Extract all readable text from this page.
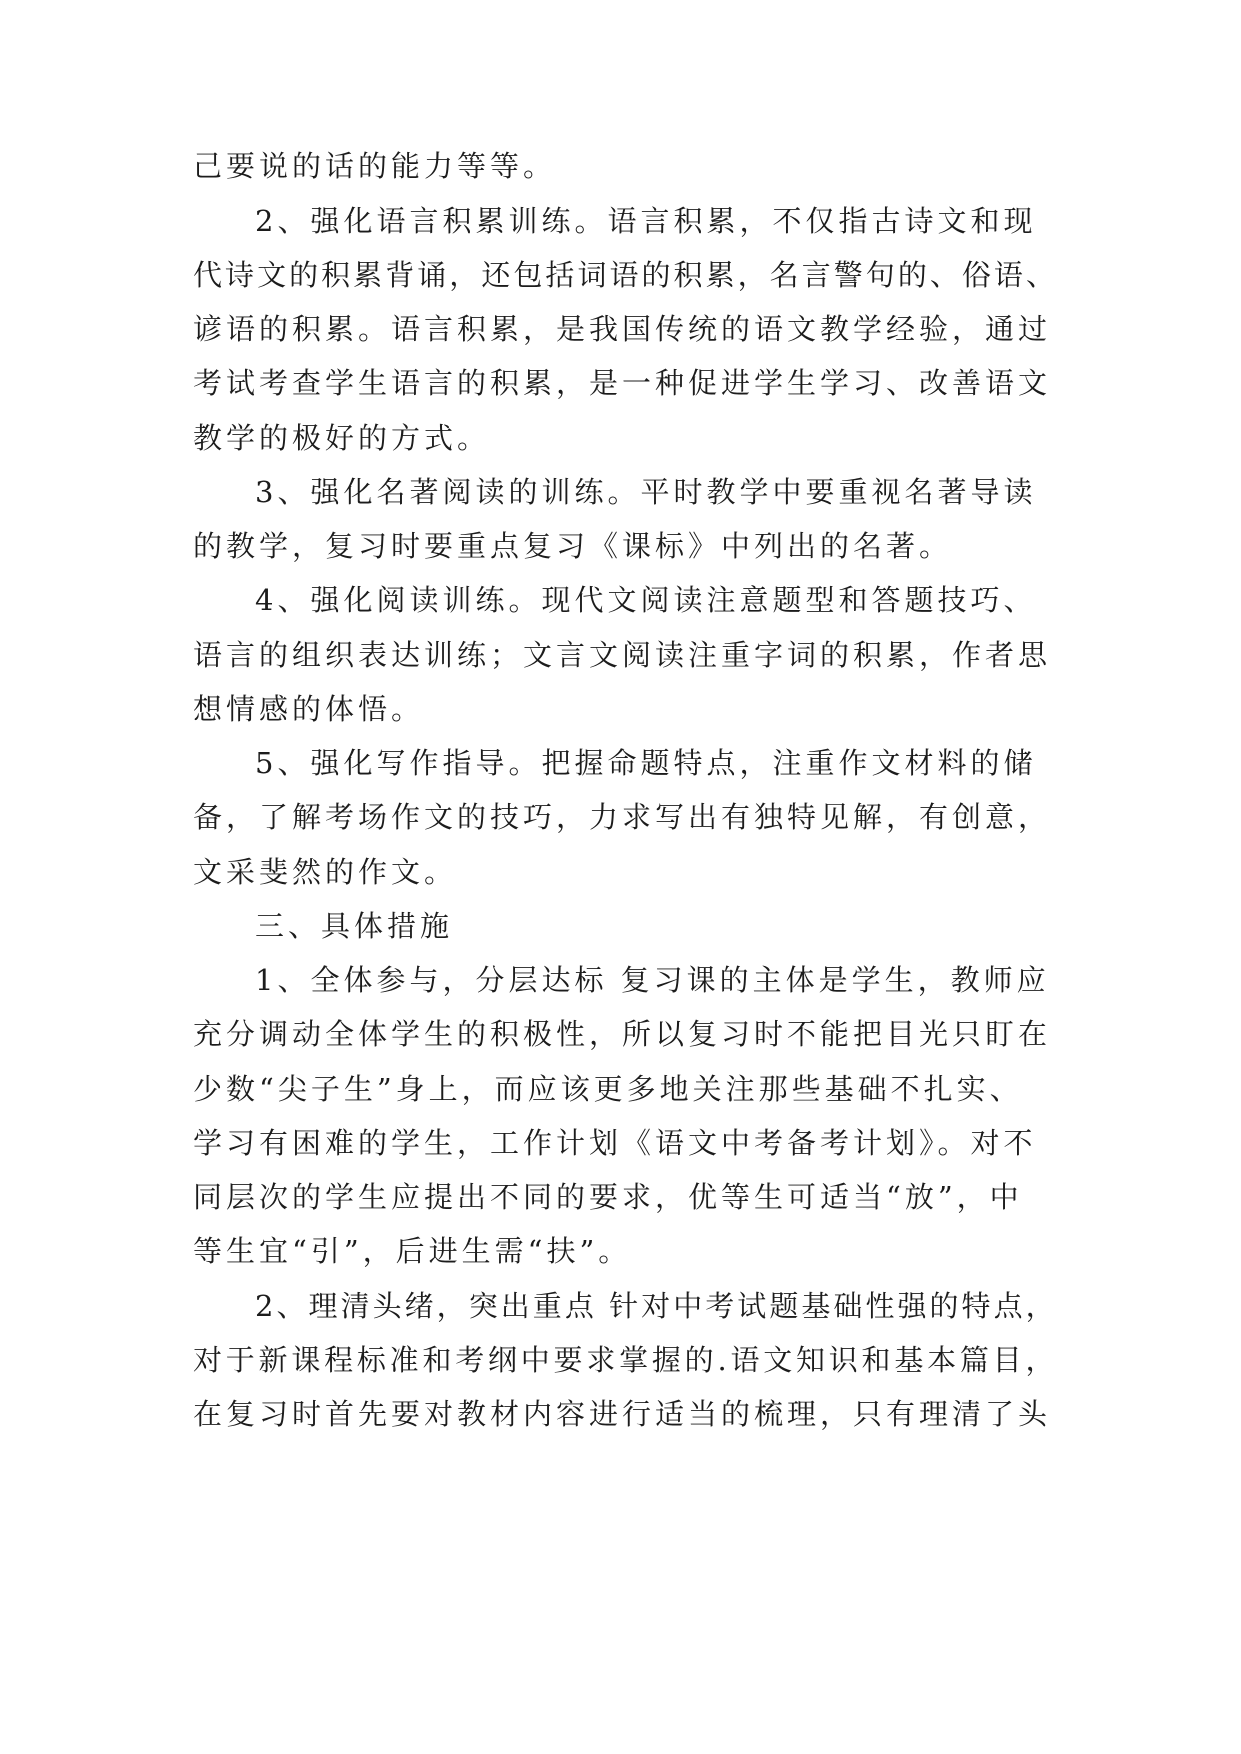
己要说的话的能力等等。
2、强化语言积累训练。语言积累，不仅指古诗文和现
代诗文的积累背诵，还包括词语的积累，名言警句的、俗语、
谚语的积累。语言积累，是我国传统的语文教学经验，通过
考试考查学生语言的积累，是一种促进学生学习、改善语文
教学的极好的方式。
3、强化名著阅读的训练。平时教学中要重视名著导读
的教学，复习时要重点复习《课标》中列出的名著。
4、强化阅读训练。现代文阅读注意题型和答题技巧、
语言的组织表达训练；文言文阅读注重字词的积累，作者思
想情感的体悟。
5、强化写作指导。把握命题特点，注重作文材料的储
备，了解考场作文的技巧，力求写出有独特见解，有创意，
文采斐然的作文。
三、具体措施
1、全体参与，分层达标 复习课的主体是学生，教师应
充分调动全体学生的积极性，所以复习时不能把目光只盯在
少数“尖子生”身上，而应该更多地关注那些基础不扎实、
学习有困难的学生，工作计划《语文中考备考计划》。对不
同层次的学生应提出不同的要求，优等生可适当“放”，中
等生宜“引”，后进生需“扶”。
2、理清头绪，突出重点 针对中考试题基础性强的特点，
对于新课程标准和考纲中要求掌握的.语文知识和基本篇目，
在复习时首先要对教材内容进行适当的梳理，只有理清了头
